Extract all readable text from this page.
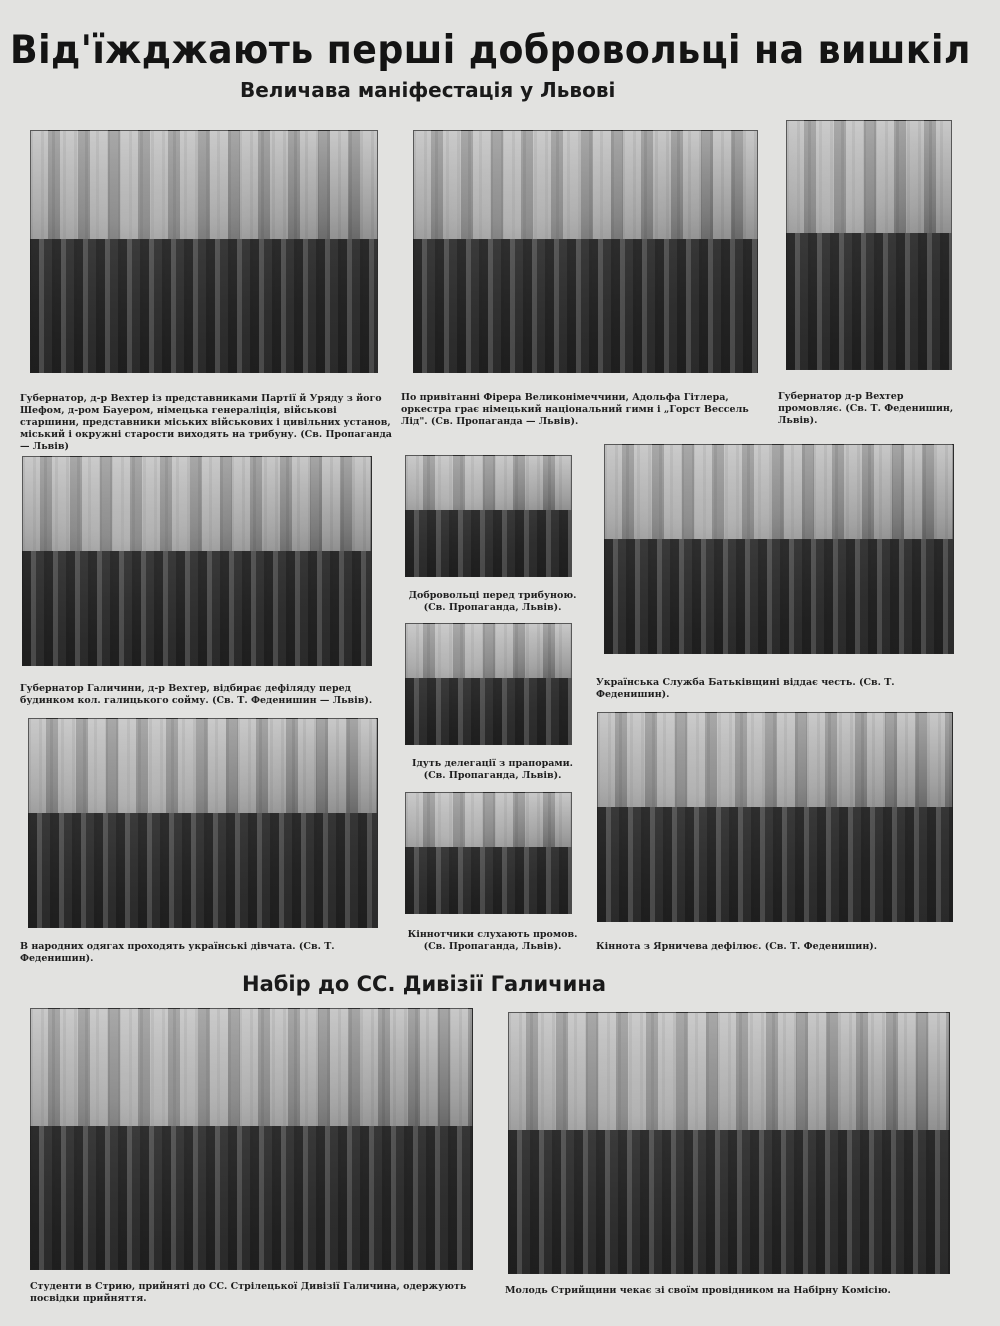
Від'їжджають перші добровольці на вишкіл
Величава маніфестація у Львові
Губернатор, д-р Вехтер із представниками Партії й Уряду з його Шефом, д-ром Бауером, німецька генераліція, військові старшини, представники міських військових і цивільних установ, міський і окружні старости виходять на трибуну. (Св. Пропаганда — Львів)
По привітанні Фірера Великонімеччини, Адольфа Гітлера, оркестра грає німецький національний гимн і „Горст Вессель Лід". (Св. Пропаганда — Львів).
Губернатор д-р Вехтер промовляє. (Св. Т. Феденишин, Львів).
Губернатор Галичини, д-р Вехтер, відбирає дефіляду перед будинком кол. галицького сойму. (Св. Т. Феденишин — Львів).
Добровольці перед трибуною. (Св. Пропаганда, Львів).
Українська Служба Батьківщині віддає честь. (Св. Т. Феденишин).
Ідуть делегації з прапорами. (Св. Пропаганда, Львів).
В народних одягах проходять українські дівчата. (Св. Т. Феденишин).
Кіннотчики слухають промов. (Св. Пропаганда, Львів).	Кіннота з Ярничева дефілює. (Св. Т. Феденишин).
Набір до СС. Дивізії Галичина
Студенти в Стрию, прийняті до СС. Стрілецької Дивізії Галичина, одержують посвідки прийняття.
Молодь Стрийщини чекає зі своїм провідником на Набірну Комісію.
